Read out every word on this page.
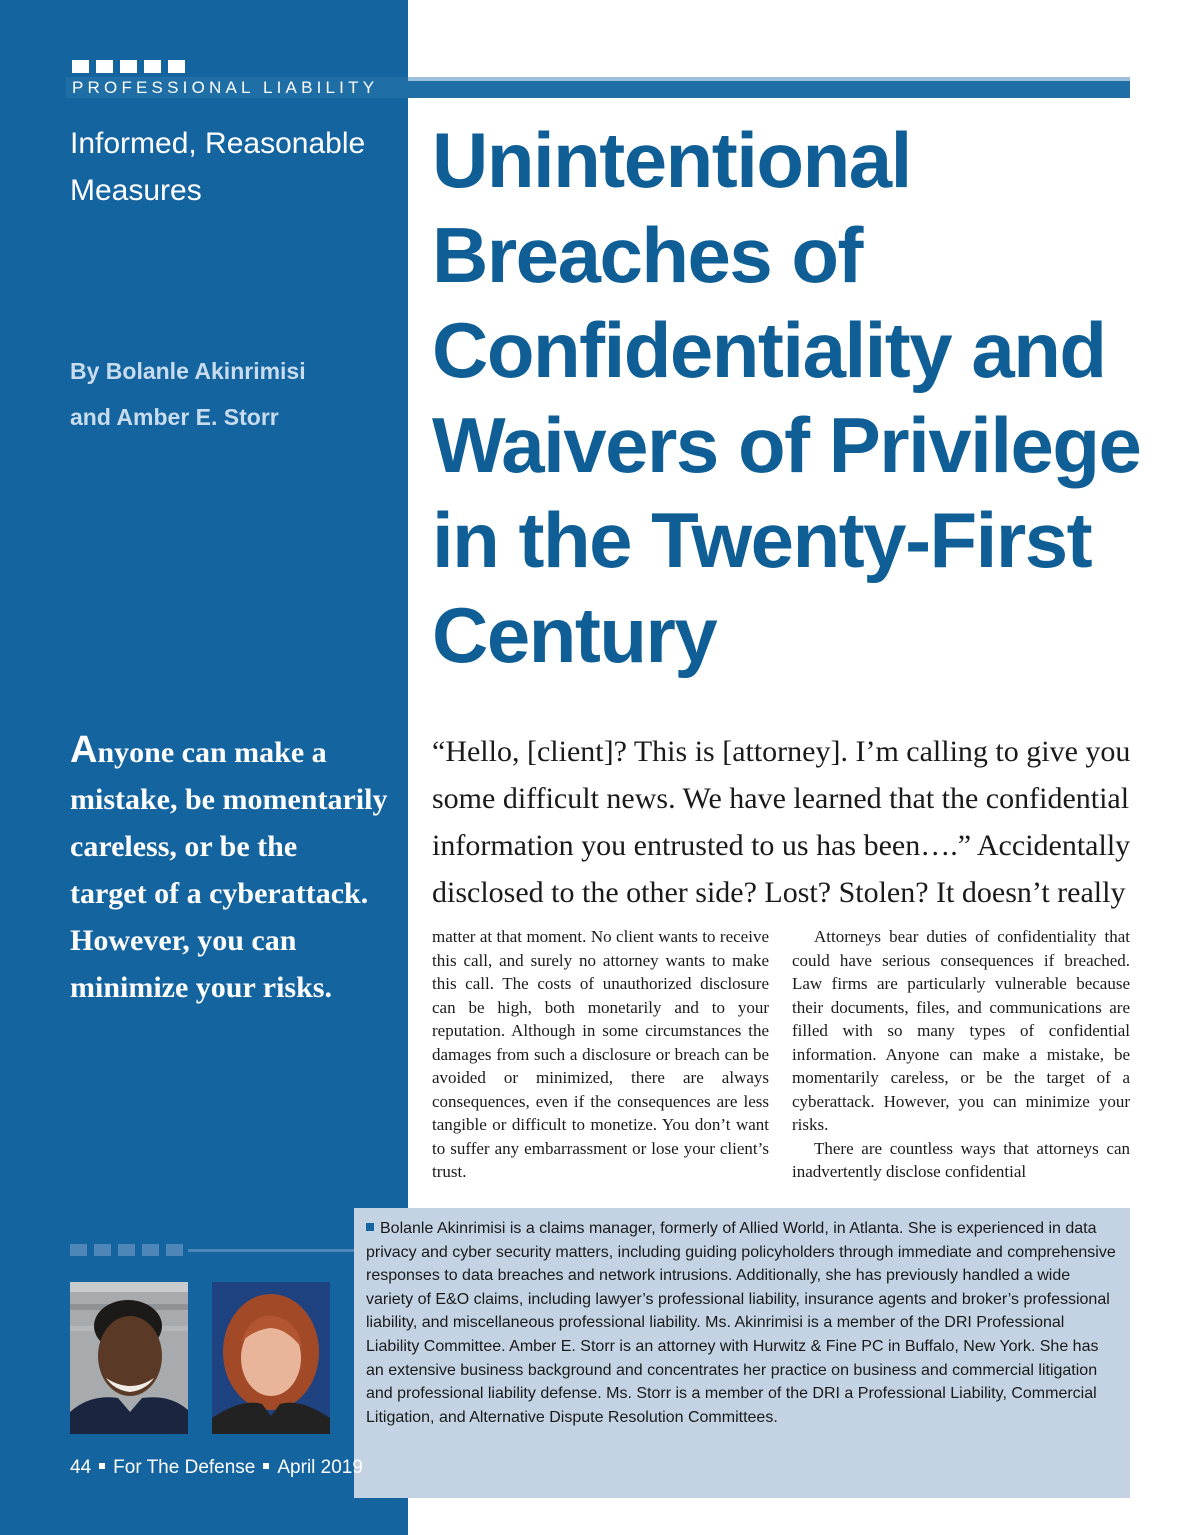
PROFESSIONAL LIABILITY
Informed, Reasonable
Measures
By Bolanle Akinrimisi
and Amber E. Storr
Unintentional
Breaches of
Confidentiality and
Waivers of Privilege
in the Twenty-First
Century
Anyone can make a
mistake, be momentarily
careless, or be the
target of a cyberattack.
However, you can
minimize your risks.
“Hello, [client]? This is [attorney]. I’m calling to give you
some difficult news. We have learned that the confidential
information you entrusted to us has been….” Accidentally
disclosed to the other side? Lost? Stolen? It doesn’t really

matter at that moment. No client wants to receive this call, and surely no attorney wants to make this call. The costs of unauthorized disclosure can be high, both monetarily and to your reputation. Although in some circumstances the damages from such a disclosure or breach can be avoided or minimized, there are always consequences, even if the consequences are less tangible or difficult to monetize. You don’t want to suffer any embarrassment or lose your client’s trust.

Attorneys bear duties of confidentiality that could have serious consequences if breached. Law firms are particularly vulnerable because their documents, files, and communications are filled with so many types of confidential information. Anyone can make a mistake, be momentarily careless, or be the target of a cyberattack. However, you can minimize your risks.

There are countless ways that attorneys can inadvertently disclose confidential

Bolanle Akinrimisi is a claims manager, formerly of Allied World, in Atlanta. She is experienced in data privacy and cyber security matters, including guiding policyholders through immediate and comprehensive responses to data breaches and network intrusions. Additionally, she has previously handled a wide variety of E&O claims, including lawyer’s professional liability, insurance agents and broker’s professional liability, and miscellaneous professional liability. Ms. Akinrimisi is a member of the DRI Professional Liability Committee. Amber E. Storr is an attorney with Hurwitz & Fine PC in Buffalo, New York. She has an extensive business background and concentrates her practice on business and commercial litigation and professional liability defense. Ms. Storr is a member of the DRI a Professional Liability, Commercial Litigation, and Alternative Dispute Resolution Committees.
44 For The Defense April 2019
